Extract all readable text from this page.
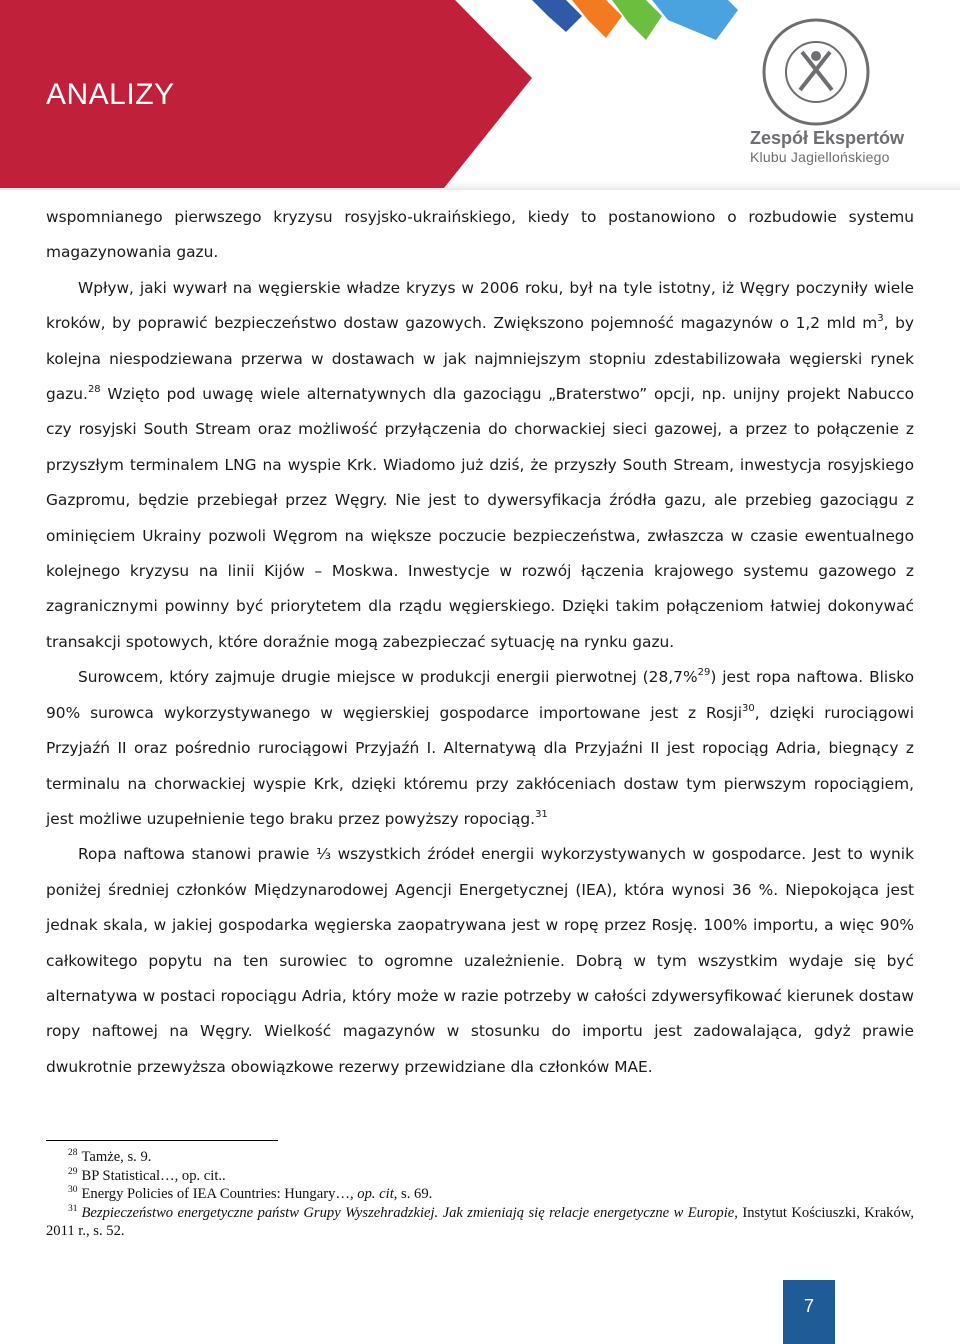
ANALIZY
Zespół Ekspertów
Klubu Jagiellońskiego

wspomnianego pierwszego kryzysu rosyjsko-ukraińskiego, kiedy to postanowiono o rozbudowie systemu magazynowania gazu.

Wpływ, jaki wywarł na węgierskie władze kryzys w 2006 roku, był na tyle istotny, iż Węgry poczyniły wiele kroków, by poprawić bezpieczeństwo dostaw gazowych. Zwiększono pojemność magazynów o 1,2 mld $m^3$, by kolejna niespodziewana przerwa w dostawach w jak najmniejszym stopniu zdestabilizowała węgierski rynek gazu.$^{28}$ Wzięto pod uwagę wiele alternatywnych dla gazociągu „Braterstwo” opcji, np. unijny projekt Nabucco czy rosyjski South Stream oraz możliwość przyłączenia do chorwackiej sieci gazowej, a przez to połączenie z przyszłym terminalem LNG na wyspie Krk. Wiadomo już dziś, że przyszły South Stream, inwestycja rosyjskiego Gazpromu, będzie przebiegał przez Węgry. Nie jest to dywersyfikacja źródła gazu, ale przebieg gazociągu z ominięciem Ukrainy pozwoli Węgrom na większe poczucie bezpieczeństwa, zwłaszcza w czasie ewentualnego kolejnego kryzysu na linii Kijów – Moskwa. Inwestycje w rozwój łączenia krajowego systemu gazowego z zagranicznymi powinny być priorytetem dla rządu węgierskiego. Dzięki takim połączeniom łatwiej dokonywać transakcji spotowych, które doraźnie mogą zabezpieczać sytuację na rynku gazu.

Surowcem, który zajmuje drugie miejsce w produkcji energii pierwotnej (28,7%$^{29}$) jest ropa naftowa. Blisko 90% surowca wykorzystywanego w węgierskiej gospodarce importowane jest z Rosji$^{30}$, dzięki rurociągowi Przyjaźń II oraz pośrednio rurociągowi Przyjaźń I. Alternatywą dla Przyjaźni II jest ropociąg Adria, biegnący z terminalu na chorwackiej wyspie Krk, dzięki któremu przy zakłóceniach dostaw tym pierwszym ropociągiem, jest możliwe uzupełnienie tego braku przez powyższy ropociąg.$^{31}$

Ropa naftowa stanowi prawie ⅓ wszystkich źródeł energii wykorzystywanych w gospodarce. Jest to wynik poniżej średniej członków Międzynarodowej Agencji Energetycznej (IEA), która wynosi 36 %. Niepokojąca jest jednak skala, w jakiej gospodarka węgierska zaopatrywana jest w ropę przez Rosję. 100% importu, a więc 90% całkowitego popytu na ten surowiec to ogromne uzależnienie. Dobrą w tym wszystkim wydaje się być alternatywa w postaci ropociągu Adria, który może w razie potrzeby w całości zdywersyfikować kierunek dostaw ropy naftowej na Węgry. Wielkość magazynów w stosunku do importu jest zadowalająca, gdyż prawie dwukrotnie przewyższa obowiązkowe rezerwy przewidziane dla członków MAE.

$^{28}$ Tamże, s. 9.

$^{29}$ BP Statistical…, op. cit..

$^{30}$ Energy Policies of IEA Countries: Hungary…, op. cit, s. 69.

$^{31}$ Bezpieczeństwo energetyczne państw Grupy Wyszehradzkiej. Jak zmieniają się relacje energetyczne w Europie, Instytut Kościuszki, Kraków, 2011 r., s. 52.

7
